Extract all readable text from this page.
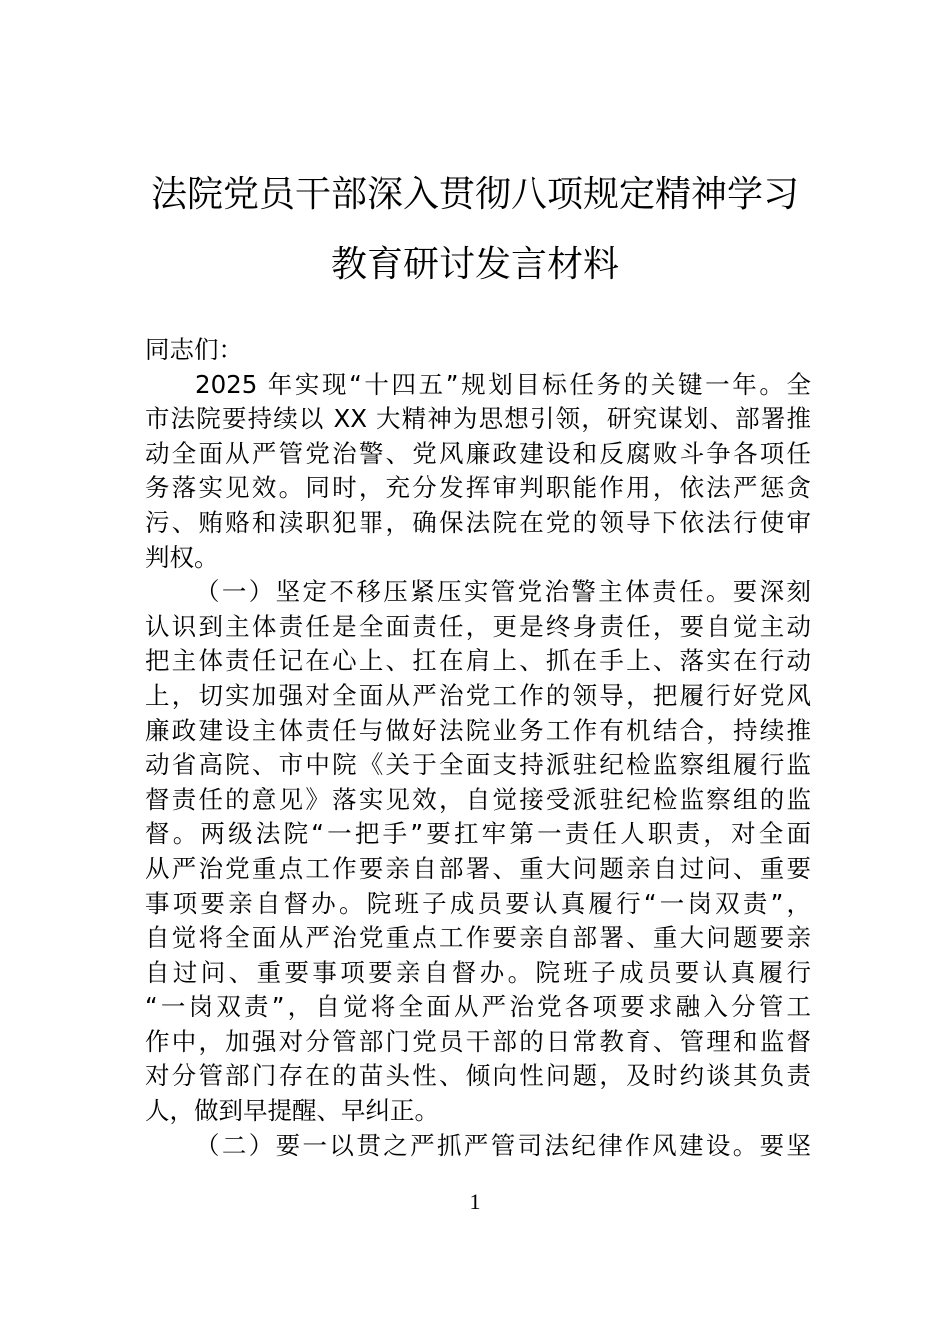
法院党员干部深入贯彻八项规定精神学习
教育研讨发言材料
同志们：
2025 年实现“十四五”规划目标任务的关键一年。全
市法院要持续以 XX 大精神为思想引领，研究谋划、部署推
动全面从严管党治警、党风廉政建设和反腐败斗争各项任
务落实见效。同时，充分发挥审判职能作用，依法严惩贪
污、贿赂和渎职犯罪，确保法院在党的领导下依法行使审
判权。
（一）坚定不移压紧压实管党治警主体责任。要深刻
认识到主体责任是全面责任，更是终身责任，要自觉主动
把主体责任记在心上、扛在肩上、抓在手上、落实在行动
上，切实加强对全面从严治党工作的领导，把履行好党风
廉政建设主体责任与做好法院业务工作有机结合，持续推
动省高院、市中院《关于全面支持派驻纪检监察组履行监
督责任的意见》落实见效，自觉接受派驻纪检监察组的监
督。两级法院“一把手”要扛牢第一责任人职责，对全面
从严治党重点工作要亲自部署、重大问题亲自过问、重要
事项要亲自督办。院班子成员要认真履行“一岗双责”，
自觉将全面从严治党重点工作要亲自部署、重大问题要亲
自过问、重要事项要亲自督办。院班子成员要认真履行
“一岗双责”，自觉将全面从严治党各项要求融入分管工
作中，加强对分管部门党员干部的日常教育、管理和监督
对分管部门存在的苗头性、倾向性问题，及时约谈其负责
人，做到早提醒、早纠正。
（二）要一以贯之严抓严管司法纪律作风建设。要坚
1
